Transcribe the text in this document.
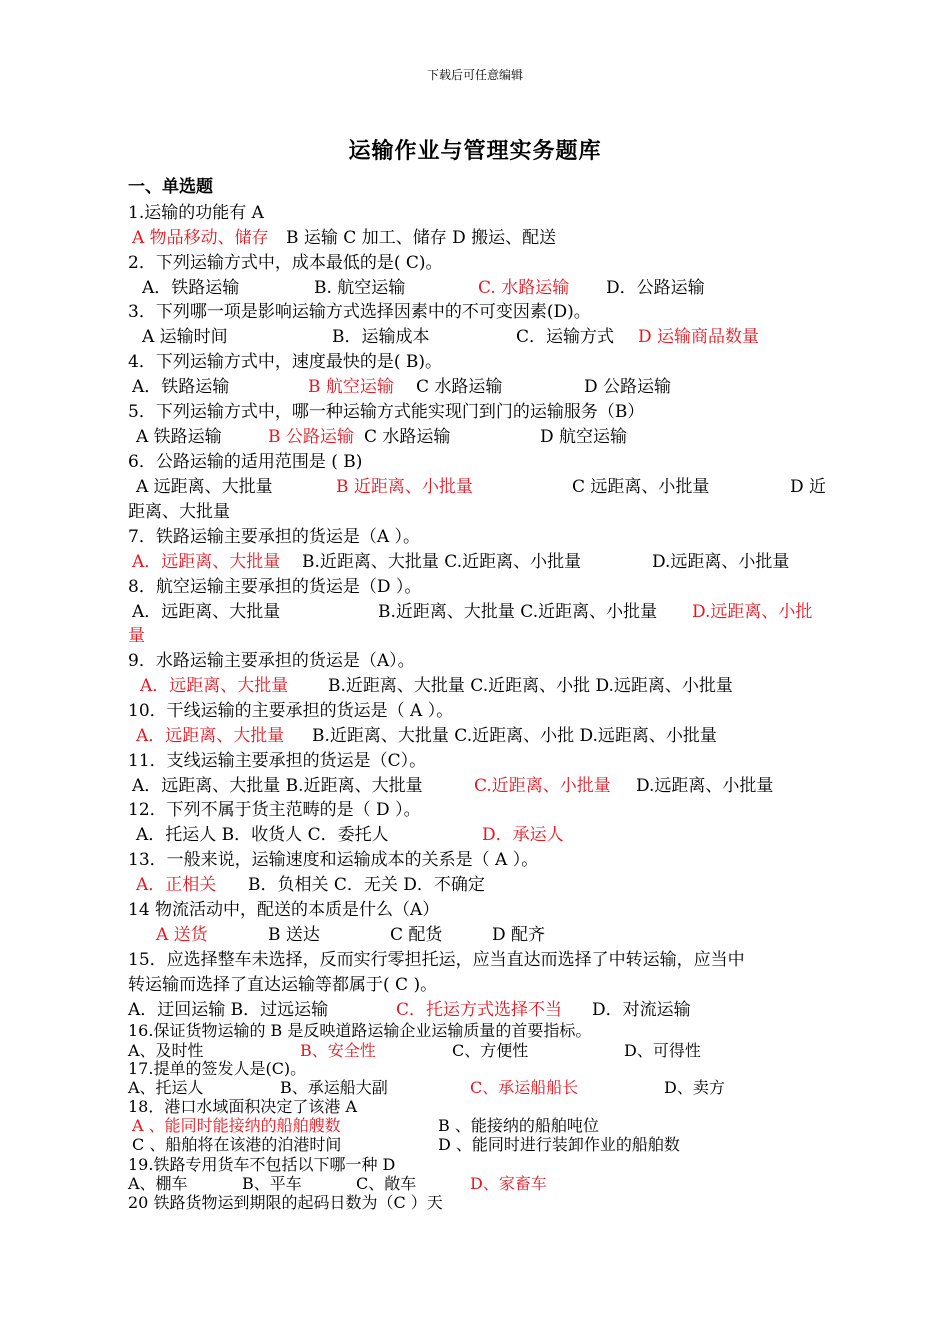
下载后可任意编辑
运输作业与管理实务题库
一、单选题
1.运输的功能有 A
A 物品移动、储存 B 运输 C 加工、储存 D 搬运、配送
2．下列运输方式中，成本最低的是( C)。
A．铁路运输	B. 航空运输	C. 水路运输 D．公路运输
3．下列哪一项是影响运输方式选择因素中的不可变因素(D)。
A 运输时间	B．运输成本	C．运输方式 D 运输商品数量
4．下列运输方式中，速度最快的是( B)。
A．铁路运输	B 航空运输 C 水路运输	D 公路运输
5．下列运输方式中，哪一种运输方式能实现门到门的运输服务（B）
A 铁路运输	B 公路运输 C 水路运输	D 航空运输
6．公路运输的适用范围是 ( B)
A 远距离、大批量	B 近距离、小批量	C 远距离、小批量	D 近
距离、大批量
7．铁路运输主要承担的货运是（A ）。
A．远距离、大批量 B.近距离、大批量 C.近距离、小批量	D.远距离、小批量
8．航空运输主要承担的货运是（D ）。
A．远距离、大批量	B.近距离、大批量 C.近距离、小批量 D.远距离、小批
量
9．水路运输主要承担的货运是（A）。
A．远距离、大批量 B.近距离、大批量 C.近距离、小批 D.远距离、小批量
10．干线运输的主要承担的货运是（ A ）。
A．远距离、大批量 B.近距离、大批量 C.近距离、小批 D.远距离、小批量
11．支线运输主要承担的货运是（C）。
A．远距离、大批量 B.近距离、大批量	C.近距离、小批量 D.远距离、小批量
12．下列不属于货主范畴的是（ D ）。
A．托运人 B．收货人 C．委托人	D．承运人
13．一般来说，运输速度和运输成本的关系是（ A ）。
A．正相关 B．负相关 C．无关 D．不确定
14 物流活动中，配送的本质是什么（A）
A 送货	B 送达	C 配货	D 配齐
15．应选择整车未选择，反而实行零担托运，应当直达而选择了中转运输，应当中
转运输而选择了直达运输等都属于( C )。
A．迂回运输 B．过远运输	C．托运方式选择不当 D．对流运输
16.保证货物运输的 B 是反映道路运输企业运输质量的首要指标。
A、及时性	B、安全性	C、方便性	D、可得性
17.提单的签发人是(C)。
A、托运人	B、承运船大副	C、承运船船长	D、卖方
18．港口水域面积决定了该港 A
A 、能同时能接纳的船舶艘数	B 、能接纳的船舶吨位
C 、船舶将在该港的泊港时间	D 、能同时进行装卸作业的船舶数
19.铁路专用货车不包括以下哪一种 D
A、棚车	B、平车	C、敞车	D、家畜车
20 铁路货物运到期限的起码日数为（C ）天
